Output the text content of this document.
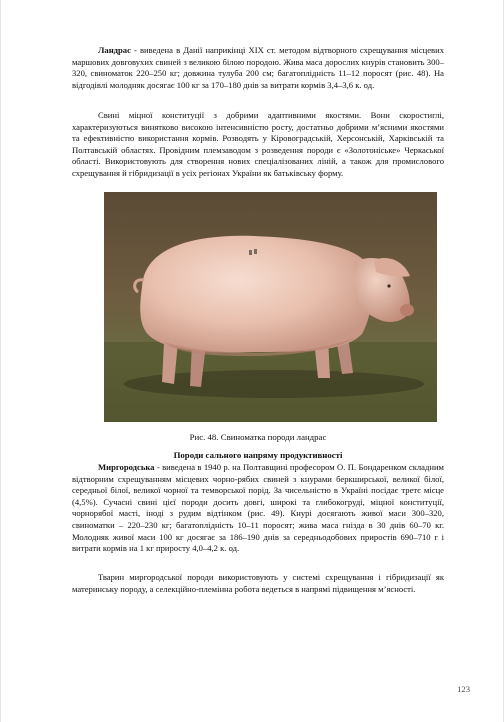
Ландрас - виведена в Данії наприкінці XIX ст. методом відтворного схрещування місцевих маршових довговухих свиней з великою білою породою. Жива маса дорослих кнурів становить 300–320, свиноматок 220–250 кг; довжина тулуба 200 см; багатоплідність 11–12 поросят (рис. 48). На відгодівлі молодняк досягає 100 кг за 170–180 днів за витрати кормів 3,4–3,6 к. од.

Свині міцної конституції з добрими адаптивними якостями. Вони скоростиглі, характеризуються винятково високою інтенсивністю росту, достатньо добрими м’ясними якостями та ефективністю використання кормів. Розводять у Кіровоградській, Херсонській, Харківській та Полтавській областях. Провідним племзаводом з розведення породи є «Золотоніське» Черкаської області. Використовують для створення нових спеціалізованих ліній, а також для промислового схрещування й гібридизації в усіх регіонах України як батьківську форму.

Рис. 48. Свиноматка породи ландрас
Породи сального напряму продуктивності

Миргородська - виведена в 1940 р. на Полтавщині професором О. П. Бондаренком складним відтворним схрещуванням місцевих чорно-рябих свиней з кнурами беркширської, великої білої, середньої білої, великої чорної та темворської порід. За чисельністю в Україні посідає третє місце (4,5%). Сучасні свині цієї породи досить довгі, широкі та глибокогруді, міцної конституції, чорнорябої масті, іноді з рудим відтінком (рис. 49). Кнурі досягають живої маси 300–320, свиноматки – 220–230 кг; багатоплідність 10–11 поросят; жива маса гнізда в 30 днів 60–70 кг. Молодняк живої маси 100 кг досягає за 186–190 днів за середньодобових приростів 690–710 г і витрати кормів на 1 кг приросту 4,0–4,2 к. од.

Тварин миргородської породи використовують у системі схрещування і гібридизації як материнську породу, а селекційно-племінна робота ведеться в напрямі підвищення м’ясності.

123
